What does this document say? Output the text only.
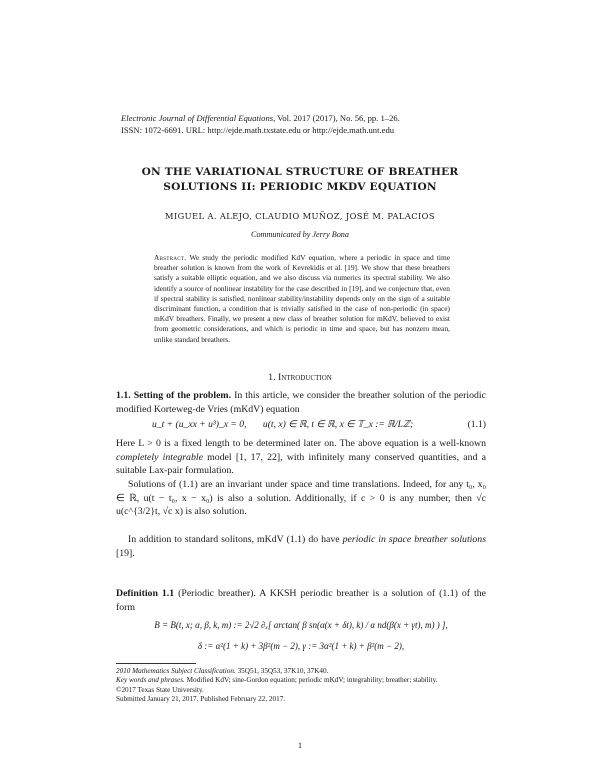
Electronic Journal of Differential Equations, Vol. 2017 (2017), No. 56, pp. 1–26.
ISSN: 1072-6691. URL: http://ejde.math.txstate.edu or http://ejde.math.unt.edu
ON THE VARIATIONAL STRUCTURE OF BREATHER
SOLUTIONS II: PERIODIC MKDV EQUATION
MIGUEL A. ALEJO, CLAUDIO MUÑOZ, JOSÉ M. PALACIOS
Communicated by Jerry Bona
Abstract. We study the periodic modified KdV equation, where a periodic in space and time breather solution is known from the work of Kevrekidis et al. [19]. We show that these breathers satisfy a suitable elliptic equation, and we also discuss via numerics its spectral stability. We also identify a source of nonlinear instability for the case described in [19], and we conjecture that, even if spectral stability is satisfied, nonlinear stability/instability depends only on the sign of a suitable discriminant function, a condition that is trivially satisfied in the case of non-periodic (in space) mKdV breathers. Finally, we present a new class of breather solution for mKdV, believed to exist from geometric considerations, and which is periodic in time and space, but has nonzero mean, unlike standard breathers.
1. Introduction
1.1. Setting of the problem. In this article, we consider the breather solution of the periodic modified Korteweg-de Vries (mKdV) equation
u_t + (u_xx + u³)_x = 0, u(t, x) ∈ ℝ, t ∈ ℝ, x ∈ 𝕋_x := ℝ/Lℤ;	(1.1)
Here L > 0 is a fixed length to be determined later on. The above equation is a well-known completely integrable model [1, 17, 22], with infinitely many conserved quantities, and a suitable Lax-pair formulation.
Solutions of (1.1) are an invariant under space and time translations. Indeed, for any t₀, x₀ ∈ ℝ, u(t − t₀, x − x₀) is also a solution. Additionally, if c > 0 is any number, then √c u(c^{3/2}t, √c x) is also solution.
In addition to standard solitons, mKdV (1.1) do have periodic in space breather solutions [19].
Definition 1.1 (Periodic breather). A KKSH periodic breather is a solution of (1.1) of the form
B = B(t, x; α, β, k, m) := 2√2 ∂ₓ[ arctan( β sn(α(x + δt), k) / α nd(β(x + γt), m) ) ],
δ := α²(1 + k) + 3β²(m − 2), γ := 3α²(1 + k) + β²(m − 2),
2010 Mathematics Subject Classification. 35Q51, 35Q53, 37K10, 37K40.
Key words and phrases. Modified KdV; sine-Gordon equation; periodic mKdV; integrability; breather; stability.
©2017 Texas State University.
Submitted January 21, 2017. Published February 22, 2017.
1
